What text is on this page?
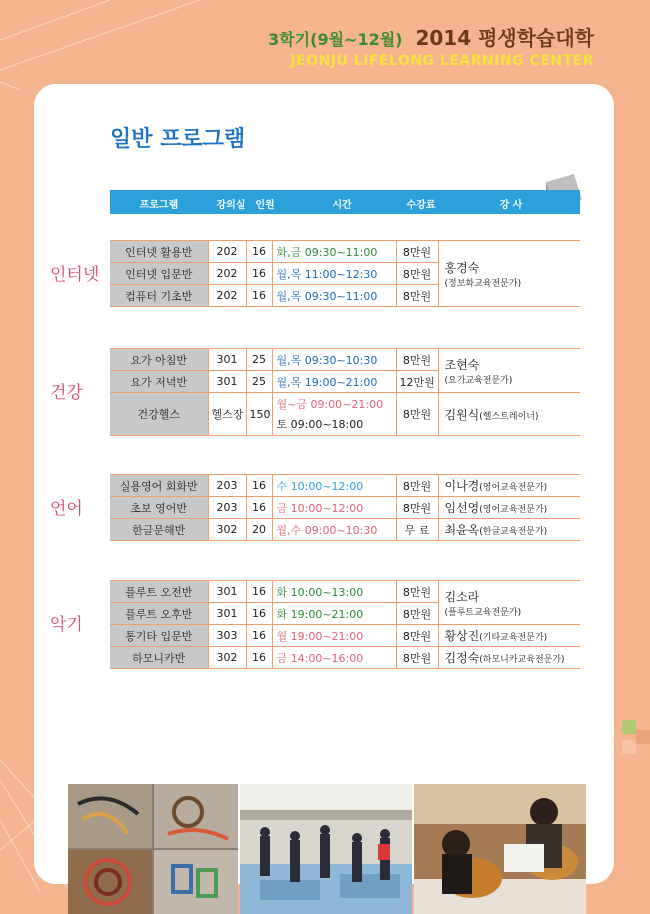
3학기(9월~12월) 2014 평생학습대학
JEONJU LIFELONG LEARNING CENTER
일반 프로그램
프로그램	강의실 인원	시간	수강료	강 사
인터넷
인터넷 활용반	202	16	화,금 09:30~11:00	8만원	홍경숙
(정보화교육전문가)
인터넷 입문반	202	16	월,목 11:00~12:30	8만원	
컴퓨터 기초반	202	16	월,목 09:30~11:00	8만원	
건강
요가 아침반	301	25	월,목 09:30~10:30	8만원	조현숙
(요가교육전문가)
요가 저녁반	301	25	월,목 19:00~21:00	12만원	
건강헬스	헬스장	150	월~금 09:00~21:00
토 09:00~18:00	8만원	김원식(헬스트레이너)
언어
실용영어 회화반	203	16	수 10:00~12:00	8만원	이나경(영어교육전문가)
초보 영어반	203	16	금 10:00~12:00	8만원	임선영(영어교육전문가)
한글문해반	302	20	월,수 09:00~10:30	무 료	최윤옥(한글교육전문가)
악기
플루트 오전반	301	16	화 10:00~13:00	8만원	김소라
(플루트교육전문가)
플루트 오후반	301	16	화 19:00~21:00	8만원	
통기타 입문반	303	16	월 19:00~21:00	8만원	황상진(기타교육전문가)
하모니카반	302	16	금 14:00~16:00	8만원	김정숙(하모니카교육전문가)
